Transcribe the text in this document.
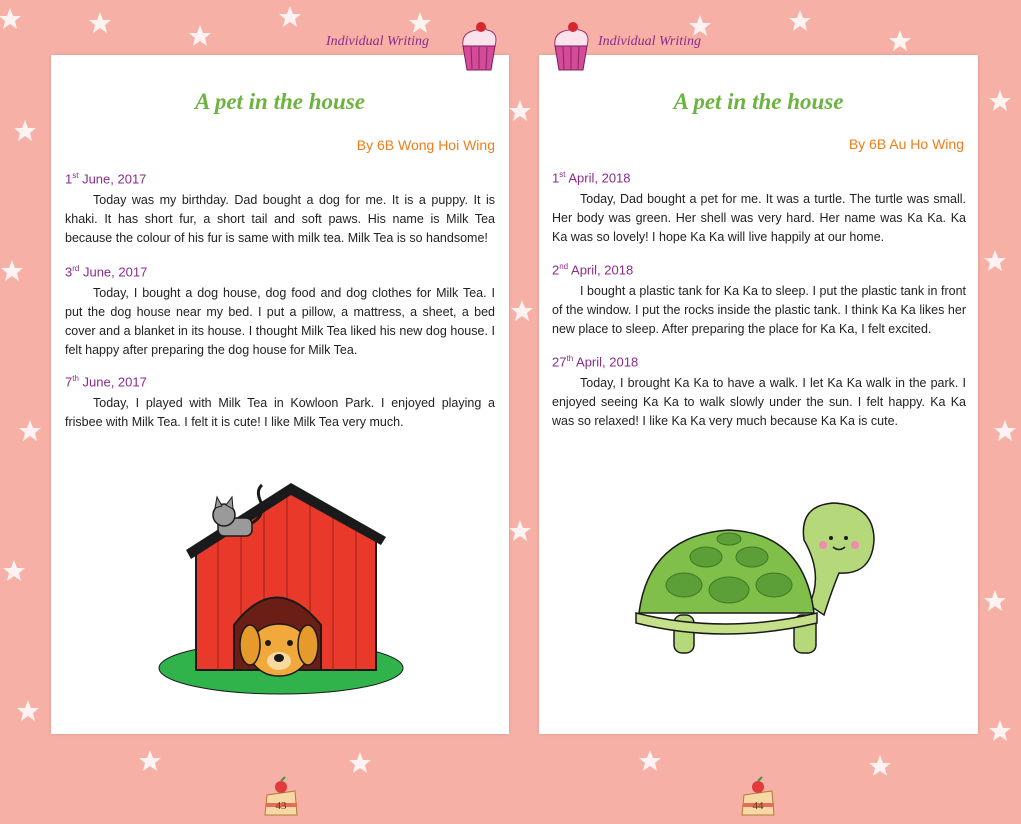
A pet in the house
By 6B Wong Hoi Wing
1st June, 2017
Today was my birthday. Dad bought a dog for me. It is a puppy. It is khaki. It has short fur, a short tail and soft paws. His name is Milk Tea because the colour of his fur is same with milk tea. Milk Tea is so handsome!
3rd June, 2017
Today, I bought a dog house, dog food and dog clothes for Milk Tea. I put the dog house near my bed. I put a pillow, a mattress, a sheet, a bed cover and a blanket in its house. I thought Milk Tea liked his new dog house. I felt happy after preparing the dog house for Milk Tea.
7th June, 2017
Today, I played with Milk Tea in Kowloon Park. I enjoyed playing a frisbee with Milk Tea. I felt it is cute! I like Milk Tea very much.
43
Individual Writing
A pet in the house
By 6B Au Ho Wing
1st April, 2018
Today, Dad bought a pet for me. It was a turtle. The turtle was small. Her body was green. Her shell was very hard. Her name was Ka Ka. Ka Ka was so lovely! I hope Ka Ka will live happily at our home.
2nd April, 2018
I bought a plastic tank for Ka Ka to sleep. I put the plastic tank in front of the window. I put the rocks inside the plastic tank. I think Ka Ka likes her new place to sleep. After preparing the place for Ka Ka, I felt excited.
27th April, 2018
Today, I brought Ka Ka to have a walk. I let Ka Ka walk in the park. I enjoyed seeing Ka Ka to walk slowly under the sun. I felt happy. Ka Ka was so relaxed! I like Ka Ka very much because Ka Ka is cute.
44
Individual Writing
